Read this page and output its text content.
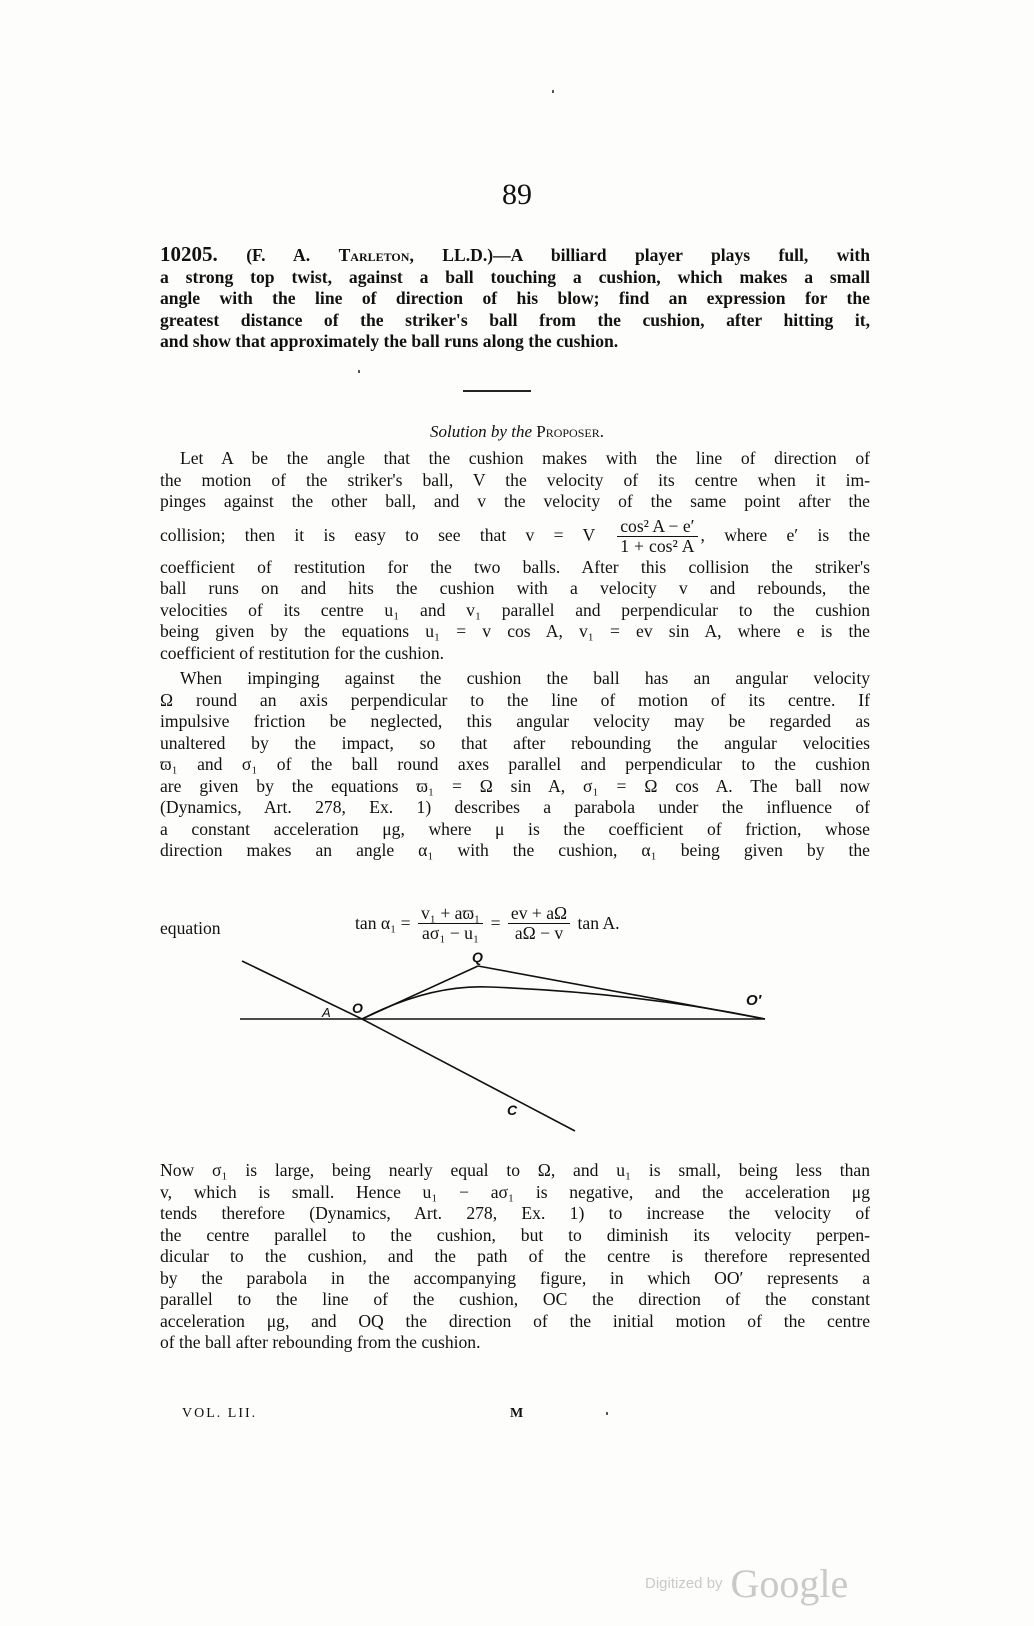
89
10205. (F. A. Tarleton, LL.D.)—A billiard player plays full, with
a strong top twist, against a ball touching a cushion, which makes a small
angle with the line of direction of his blow; find an expression for the
greatest distance of the striker's ball from the cushion, after hitting it,
and show that approximately the ball runs along the cushion.
Solution by the Proposer.
Let A be the angle that the cushion makes with the line of direction of
the motion of the striker's ball, V the velocity of its centre when it im-
pinges against the other ball, and v the velocity of the same point after the
collision; then it is easy to see that v = V $\frac{\text{cos² A − e′}}{\text{1 + cos² A}}$ , where e′ is the
coefficient of restitution for the two balls. After this collision the striker's
ball runs on and hits the cushion with a velocity v and rebounds, the
velocities of its centre u₁ and v₁ parallel and perpendicular to the cushion
being given by the equations u₁ = v cos A, v₁ = ev sin A, where e is the
coefficient of restitution for the cushion.
When impinging against the cushion the ball has an angular velocity
Ω round an axis perpendicular to the line of motion of its centre. If
impulsive friction be neglected, this angular velocity may be regarded as
unaltered by the impact, so that after rebounding the angular velocities
ϖ₁ and σ₁ of the ball round axes parallel and perpendicular to the cushion
are given by the equations ϖ₁ = Ω sin A, σ₁ = Ω cos A. The ball now
(Dynamics, Art. 278, Ex. 1) describes a parabola under the influence of
a constant acceleration μg, where μ is the coefficient of friction, whose
direction makes an angle α₁ with the cushion, α₁ being given by the
equation	$\tan \alpha_1 = \frac{\text{v₁ + aϖ₁}}{\text{aσ₁ − u₁}} = \frac{ev + a\Omega}{a\Omega - v}$ tan A.
Q
O
A
O′
C
Now σ₁ is large, being nearly equal to Ω, and u₁ is small, being less than
v, which is small. Hence u₁ − aσ₁ is negative, and the acceleration μg
tends therefore (Dynamics, Art. 278, Ex. 1) to increase the velocity of
the centre parallel to the cushion, but to diminish its velocity perpen-
dicular to the cushion, and the path of the centre is therefore represented
by the parabola in the accompanying figure, in which OO′ represents a
parallel to the line of the cushion, OC the direction of the constant
acceleration μg, and OQ the direction of the initial motion of the centre
of the ball after rebounding from the cushion.
VOL. LII.	M
Digitized by Google
